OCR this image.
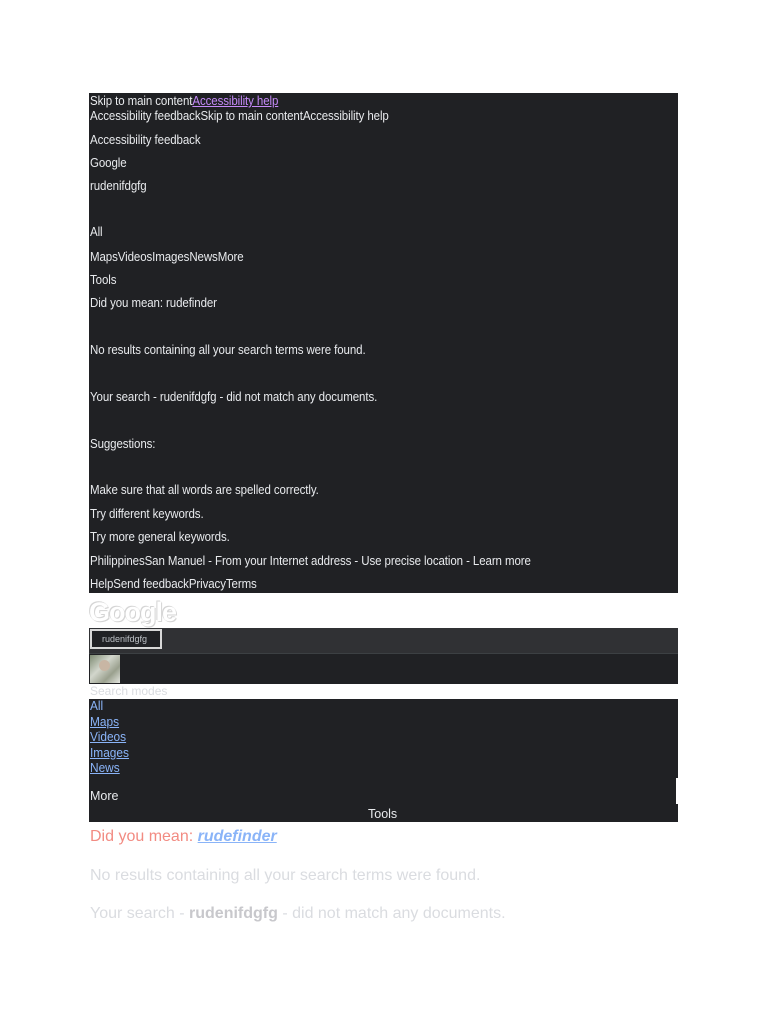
Skip to main contentAccessibility help
Accessibility feedbackSkip to main contentAccessibility help
Accessibility feedback
Google
rudenifdgfg
All
MapsVideosImagesNewsMore
Tools
Did you mean: rudefinder
No results containing all your search terms were found.
Your search - rudenifdgfg - did not match any documents.
Suggestions:
Make sure that all words are spelled correctly.
Try different keywords.
Try more general keywords.
PhilippinesSan Manuel - From your Internet address - Use precise location - Learn more
HelpSend feedbackPrivacyTerms
Google
rudenifdgfg
Search modes
All
Maps
Videos
Images
News
More
Tools
Did you mean: rudefinder
No results containing all your search terms were found.
Your search - rudenifdgfg - did not match any documents.
